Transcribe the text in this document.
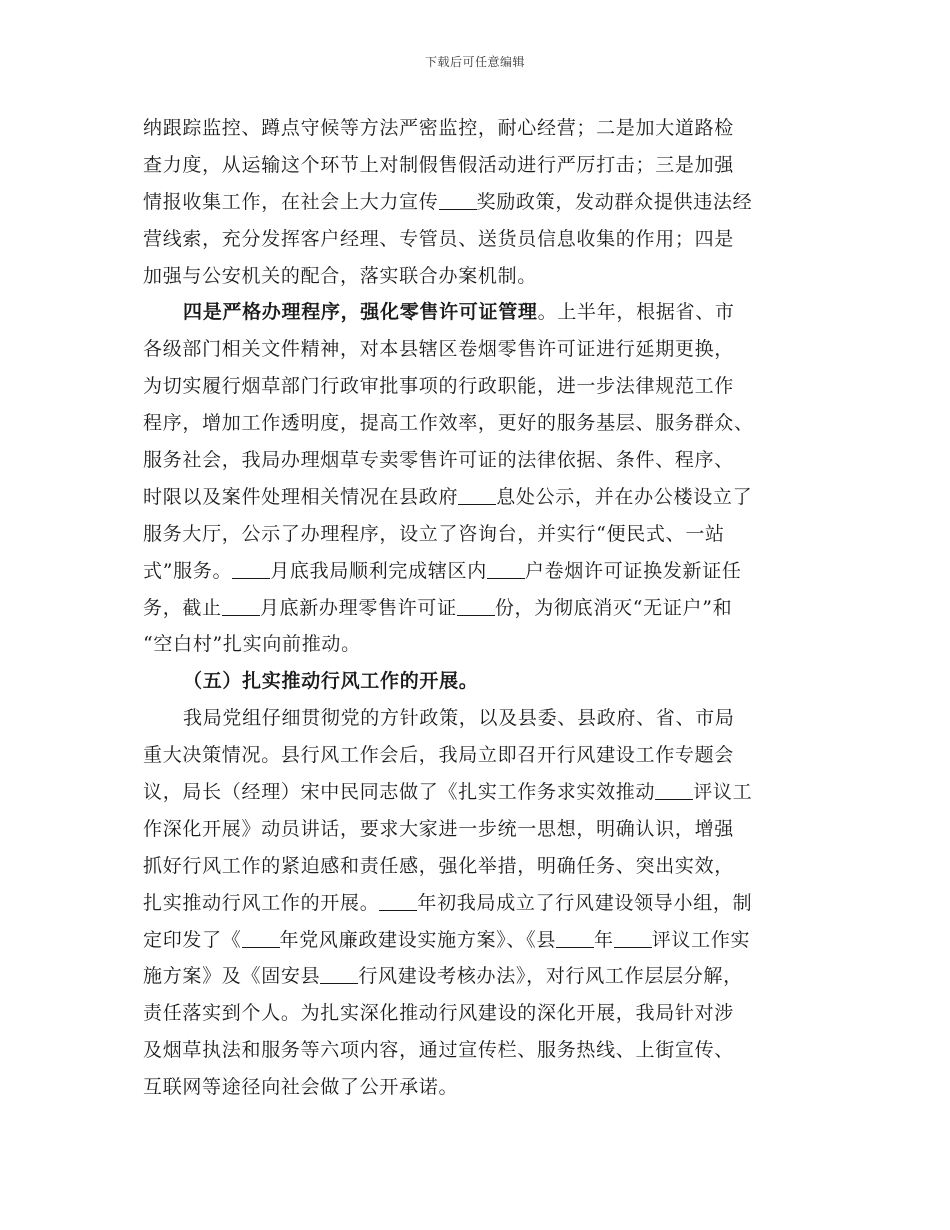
下载后可任意编辑
纳跟踪监控、蹲点守候等方法严密监控，耐心经营；二是加大道路检
查力度，从运输这个环节上对制假售假活动进行严厉打击；三是加强
情报收集工作，在社会上大力宣传 奖励政策，发动群众提供违法经
营线索，充分发挥客户经理、专管员、送货员信息收集的作用；四是
加强与公安机关的配合，落实联合办案机制。
四是严格办理程序，强化零售许可证管理。上半年，根据省、市
各级部门相关文件精神，对本县辖区卷烟零售许可证进行延期更换，
为切实履行烟草部门行政审批事项的行政职能，进一步法律规范工作
程序，增加工作透明度，提高工作效率，更好的服务基层、服务群众、
服务社会，我局办理烟草专卖零售许可证的法律依据、条件、程序、
时限以及案件处理相关情况在县政府 息处公示，并在办公楼设立了
服务大厅，公示了办理程序，设立了咨询台，并实行“便民式、一站
式”服务。 月底我局顺利完成辖区内 户卷烟许可证换发新证任
务，截止 月底新办理零售许可证 份，为彻底消灭“无证户”和
“空白村”扎实向前推动。
（五）扎实推动行风工作的开展。
我局党组仔细贯彻党的方针政策，以及县委、县政府、省、市局
重大决策情况。县行风工作会后，我局立即召开行风建设工作专题会
议，局长（经理）宋中民同志做了《扎实工作务求实效推动 评议工
作深化开展》动员讲话，要求大家进一步统一思想，明确认识，增强
抓好行风工作的紧迫感和责任感，强化举措，明确任务、突出实效，
扎实推动行风工作的开展。 年初我局成立了行风建设领导小组，制
定印发了《 年党风廉政建设实施方案》、《县 年 评议工作实
施方案》及《固安县 行风建设考核办法》，对行风工作层层分解，
责任落实到个人。为扎实深化推动行风建设的深化开展，我局针对涉
及烟草执法和服务等六项内容，通过宣传栏、服务热线、上街宣传、
互联网等途径向社会做了公开承诺。
